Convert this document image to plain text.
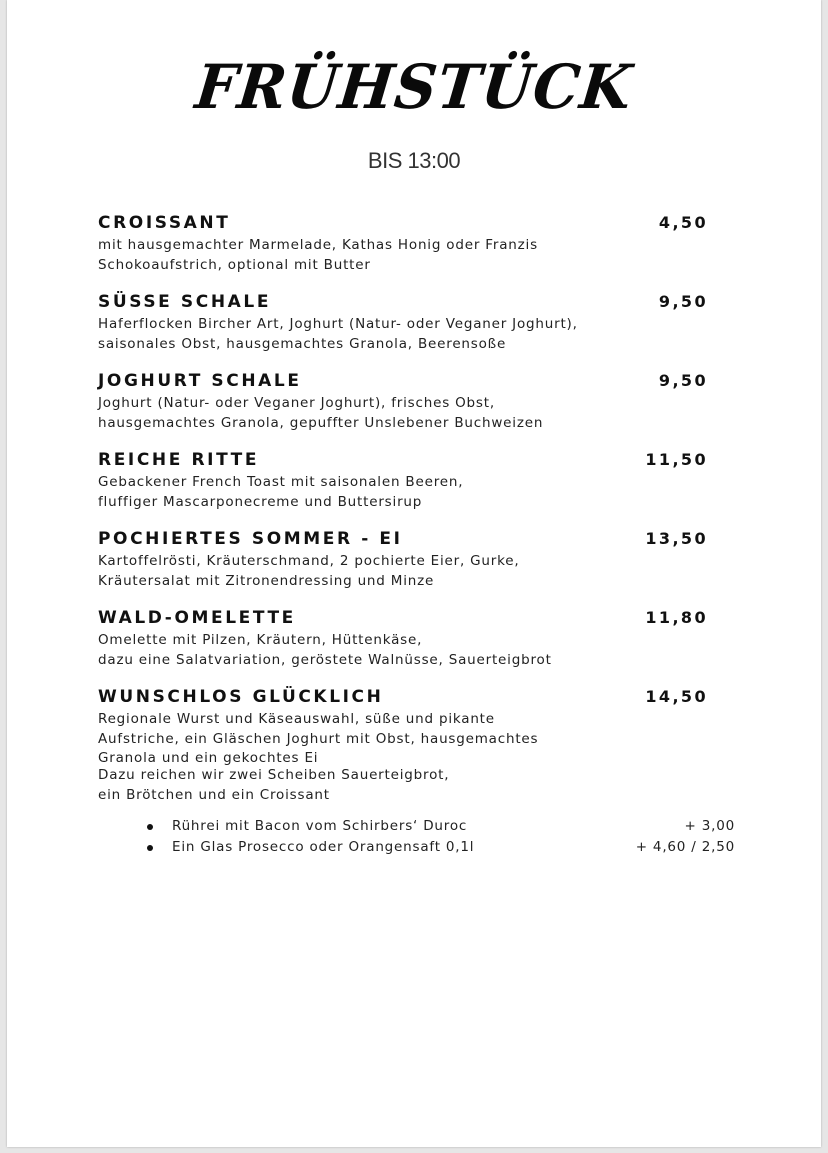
FRÜHSTÜCK
BIS 13:00
CROISSANT	4,50
mit hausgemachter Marmelade, Kathas Honig oder Franzis
Schokoaufstrich, optional mit Butter
SÜSSE SCHALE	9,50
Haferflocken Bircher Art, Joghurt (Natur- oder Veganer Joghurt),
saisonales Obst, hausgemachtes Granola, Beerensoße
JOGHURT SCHALE	9,50
Joghurt (Natur- oder Veganer Joghurt), frisches Obst,
hausgemachtes Granola, gepuffter Unslebener Buchweizen
REICHE RITTE	11,50
Gebackener French Toast mit saisonalen Beeren,
fluffiger Mascarponecreme und Buttersirup
POCHIERTES SOMMER - EI	13,50
Kartoffelrösti, Kräuterschmand, 2 pochierte Eier, Gurke,
Kräutersalat mit Zitronendressing und Minze
WALD-OMELETTE	11,80
Omelette mit Pilzen, Kräutern, Hüttenkäse,
dazu eine Salatvariation, geröstete Walnüsse, Sauerteigbrot
WUNSCHLOS GLÜCKLICH	14,50
Regionale Wurst und Käseauswahl, süße und pikante
Aufstriche, ein Gläschen Joghurt mit Obst, hausgemachtes
Granola und ein gekochtes Ei
Dazu reichen wir zwei Scheiben Sauerteigbrot,
ein Brötchen und ein Croissant
Rührei mit Bacon vom Schirbers‘ Duroc	+ 3,00
Ein Glas Prosecco oder Orangensaft 0,1l	+ 4,60 / 2,50
